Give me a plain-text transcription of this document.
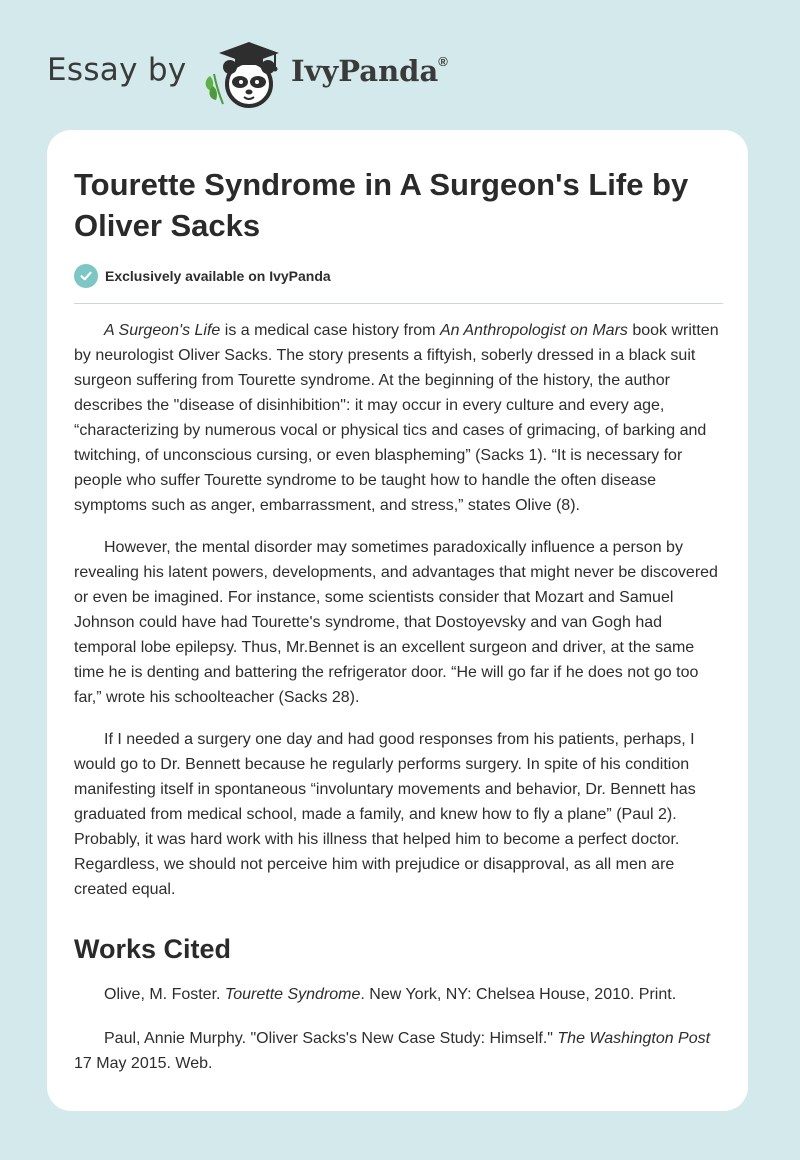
Essay by	IvyPanda®
Tourette Syndrome in A Surgeon's Life by Oliver Sacks
Exclusively available on IvyPanda

A Surgeon's Life is a medical case history from An Anthropologist on Mars book written by neurologist Oliver Sacks. The story presents a fiftyish, soberly dressed in a black suit surgeon suffering from Tourette syndrome. At the beginning of the history, the author describes the "disease of disinhibition": it may occur in every culture and every age, “characterizing by numerous vocal or physical tics and cases of grimacing, of barking and twitching, of unconscious cursing, or even blaspheming” (Sacks 1). “It is necessary for people who suffer Tourette syndrome to be taught how to handle the often disease symptoms such as anger, embarrassment, and stress,” states Olive (8).

However, the mental disorder may sometimes paradoxically influence a person by revealing his latent powers, developments, and advantages that might never be discovered or even be imagined. For instance, some scientists consider that Mozart and Samuel Johnson could have had Tourette's syndrome, that Dostoyevsky and van Gogh had temporal lobe epilepsy. Thus, Mr.Bennet is an excellent surgeon and driver, at the same time he is denting and battering the refrigerator door. “He will go far if he does not go too far,” wrote his schoolteacher (Sacks 28).

If I needed a surgery one day and had good responses from his patients, perhaps, I would go to Dr. Bennett because he regularly performs surgery. In spite of his condition manifesting itself in spontaneous “involuntary movements and behavior, Dr. Bennett has graduated from medical school, made a family, and knew how to fly a plane” (Paul 2). Probably, it was hard work with his illness that helped him to become a perfect doctor. Regardless, we should not perceive him with prejudice or disapproval, as all men are created equal.

Works Cited

Olive, M. Foster. Tourette Syndrome. New York, NY: Chelsea House, 2010. Print.

Paul, Annie Murphy. "Oliver Sacks's New Case Study: Himself." The Washington Post 17 May 2015. Web.
